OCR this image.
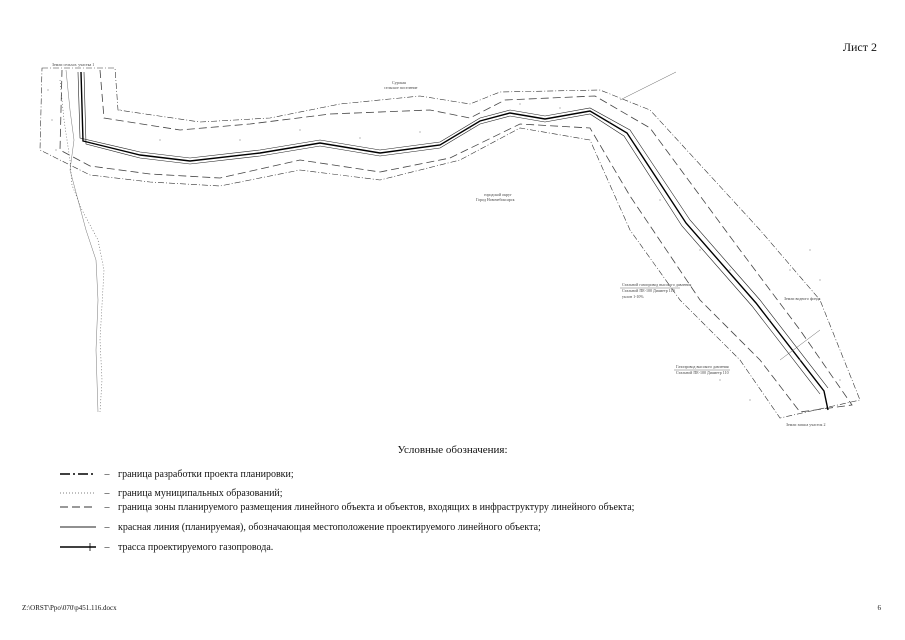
Лист 2
Земли сельхоз. участка 1
Сурская
сельское поселение
городской округ
Город Новочебоксарск
Стальной газопровод высокого давления
Стальной ПЕ-100 Диаметр 110
уклон 1-10%
Газопровод высокого давления
Стальной ПЕ-100 Диаметр 110
Земли запаса участок 2
Земли водного фонда
Условные обозначения:
– граница разработки проекта планировки;
– граница муниципальных образований;
– граница зоны планируемого размещения линейного объекта и объектов, входящих в инфраструктуру линейного объекта;
– красная линия (планируемая), обозначающая местоположение проектируемого линейного объекта;
– трасса проектируемого газопровода.
Z:\ORST\Ppo\070\p451.116.docx	6
